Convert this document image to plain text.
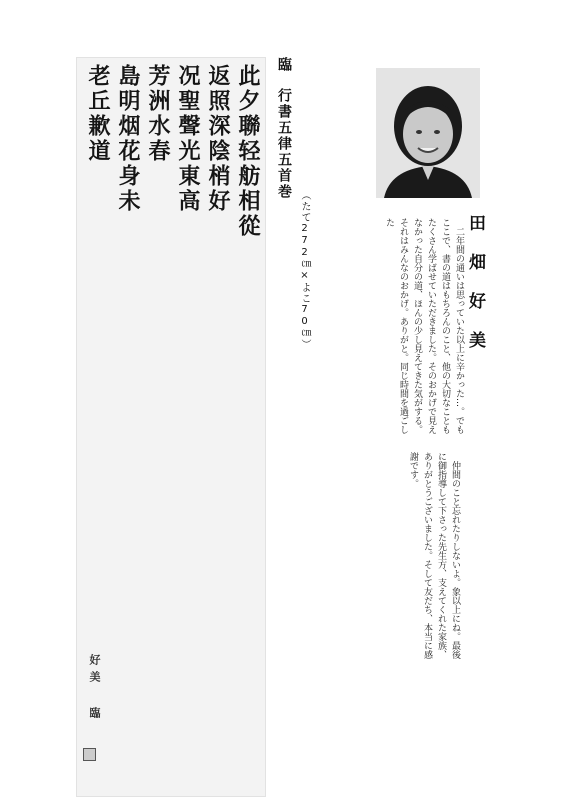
此夕聯轻舫相從
返照深陰梢好
况聖聲光東高
芳洲水春
島明烟花身未
老丘歉道
好美 臨
臨
行書五律五首巻
（たて272㎝×よこ70㎝）	田畑好美

二年間の通いは思っていた以上に辛かった…。でもここで、書の道はもちろんのこと、他の大切なこともたくさん学ばせていただきました。そのおかげで見えなかった自分の道、ほんの少し見えてきた気がする。それはみんなのおかげ。ありがと。同じ時間を過ごした

仲間のこと忘れたりしないよ。象以上にね。最後に御指導して下さった先生方、支えてくれた家族、ありがとうございました。そして友だち、本当に感謝です。
